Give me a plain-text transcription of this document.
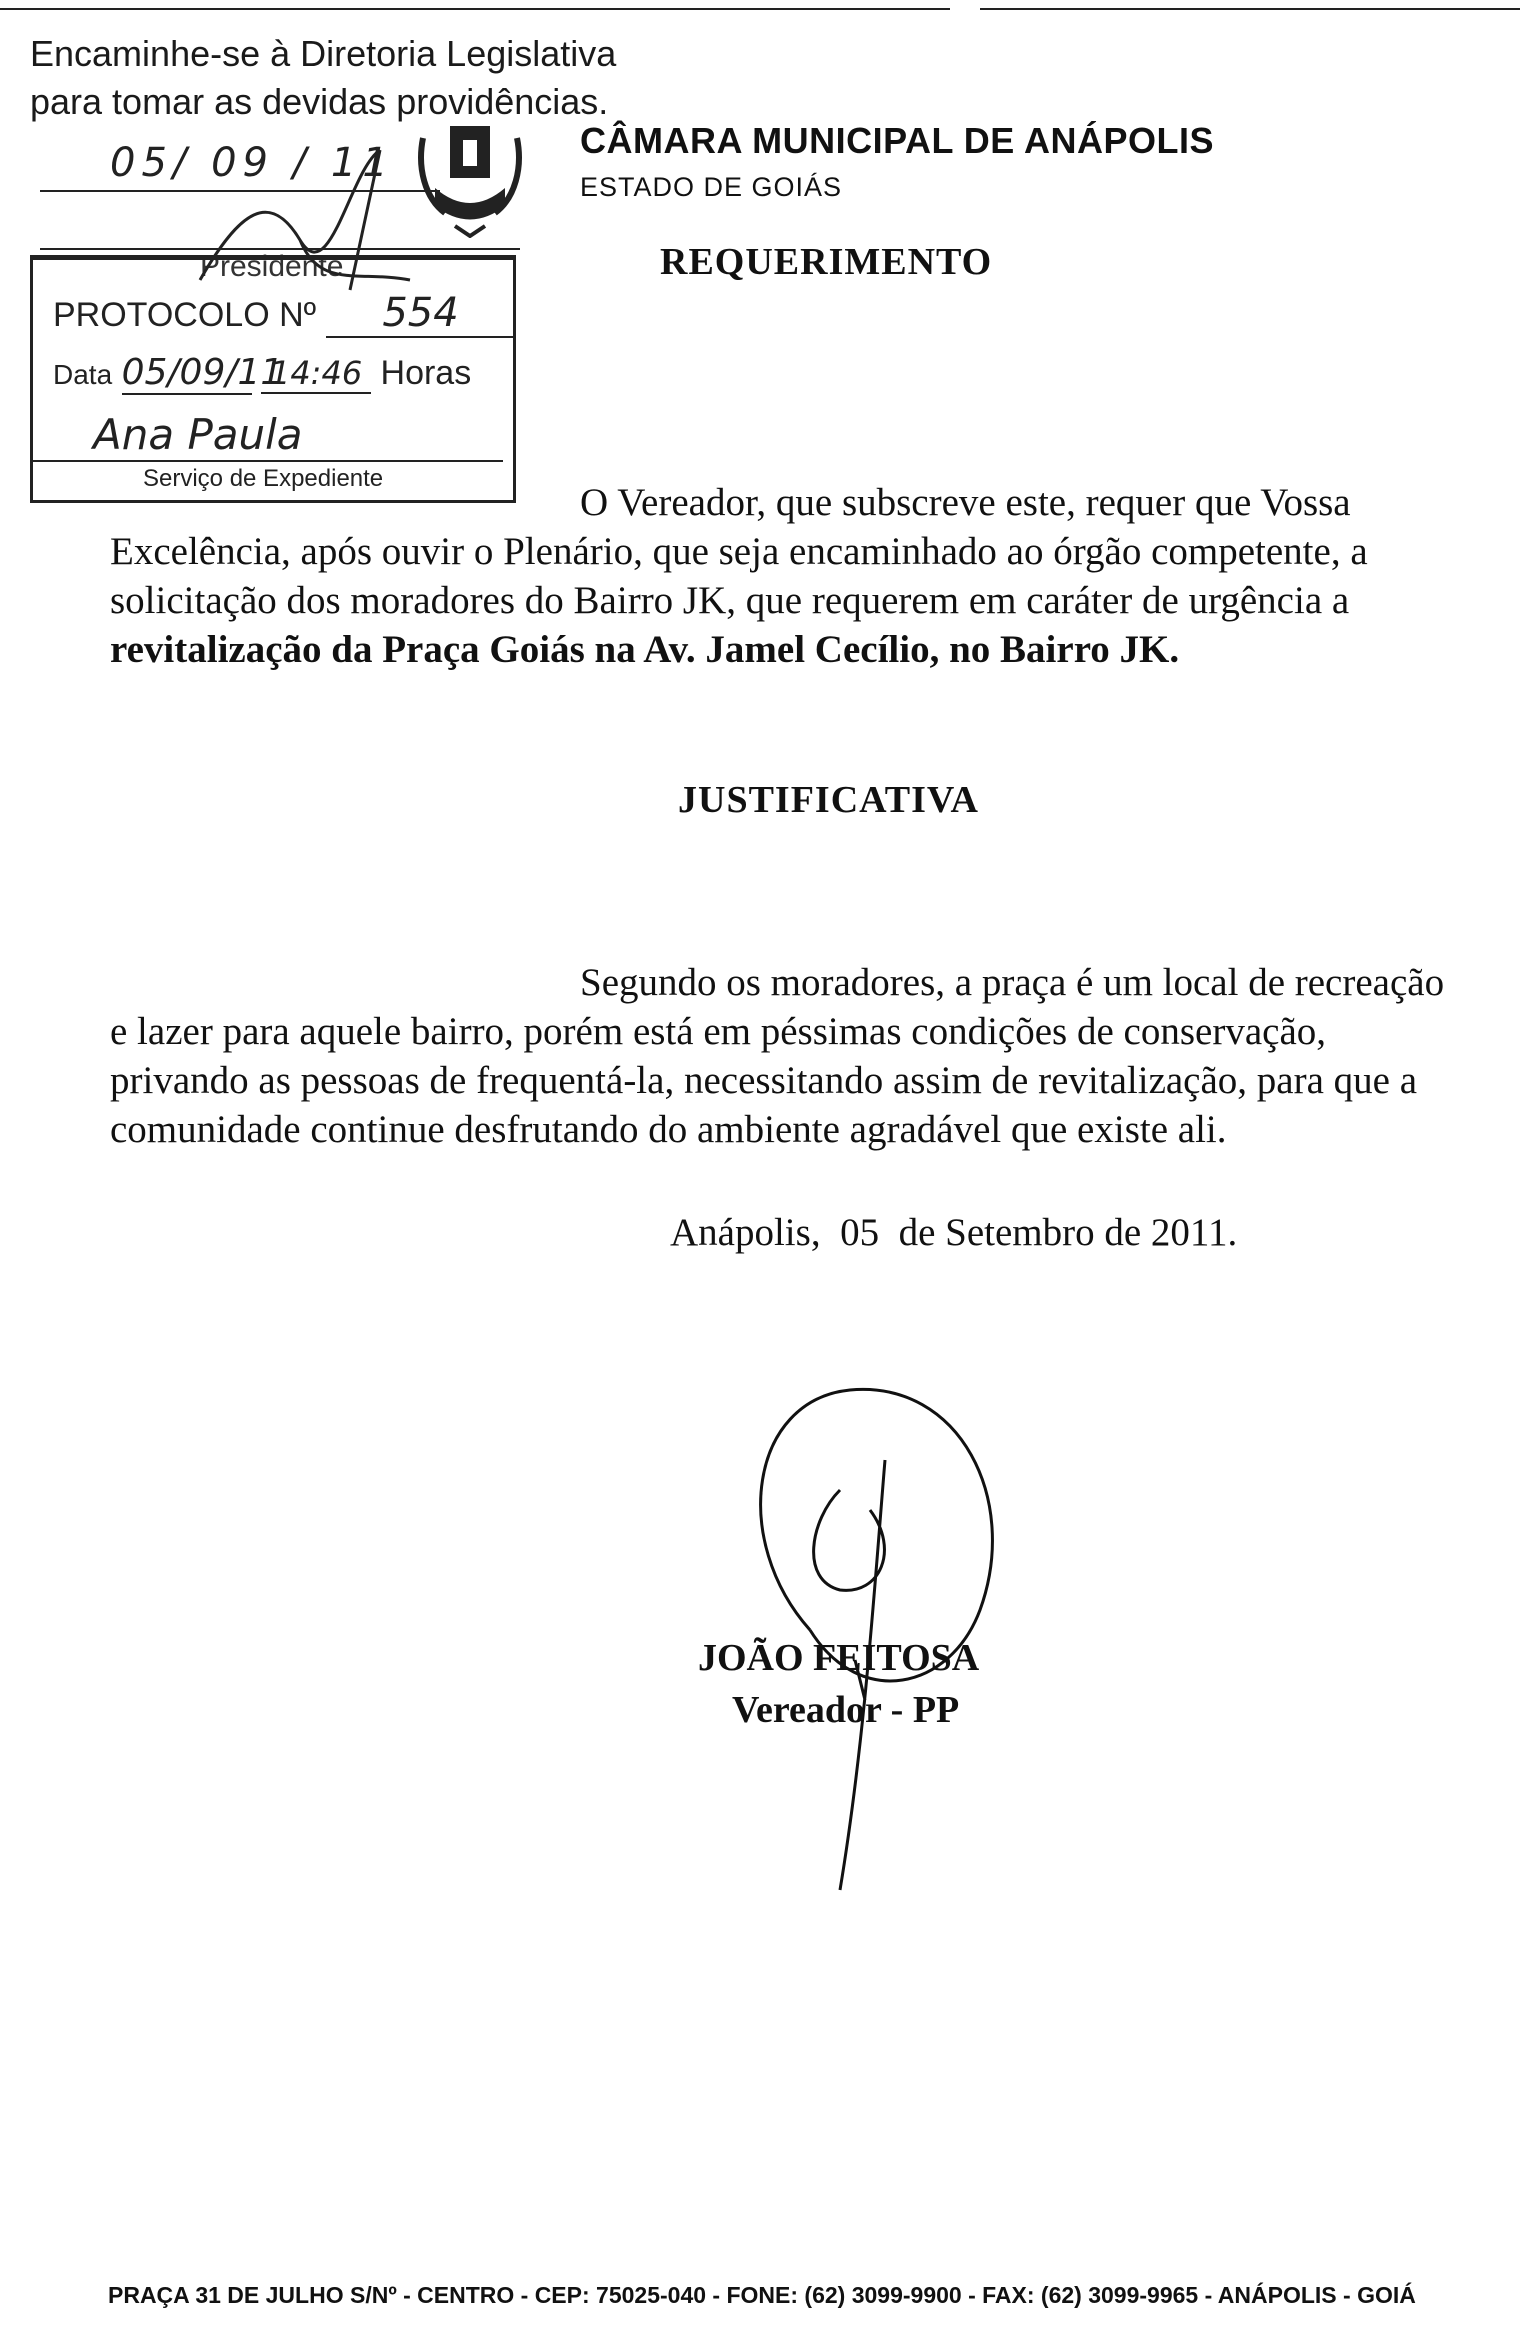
Encaminhe-se à Diretoria Legislativa
para tomar as devidas providências.
05/ 09 / 11
Presidente
PROTOCOLO Nº 554
Data 05/09/11 14:46 Horas
Ana Paula
Serviço de Expediente
CÂMARA MUNICIPAL DE ANÁPOLIS
ESTADO DE GOIÁS
REQUERIMENTO

O Vereador, que subscreve este, requer que Vossa Excelência, após ouvir o Plenário, que seja encaminhado ao órgão competente, a solicitação dos moradores do Bairro JK, que requerem em caráter de urgência a revitalização da Praça Goiás na Av. Jamel Cecílio, no Bairro JK.

JUSTIFICATIVA

Segundo os moradores, a praça é um local de recreação e lazer para aquele bairro, porém está em péssimas condições de conservação, privando as pessoas de frequentá-la, necessitando assim de revitalização, para que a comunidade continue desfrutando do ambiente agradável que existe ali.

Anápolis,  05  de Setembro de 2011.
JOÃO FEITOSA
Vereador - PP
PRAÇA 31 DE JULHO S/Nº - CENTRO - CEP: 75025-040 - FONE: (62) 3099-9900 - FAX: (62) 3099-9965 - ANÁPOLIS - GOIÁ
